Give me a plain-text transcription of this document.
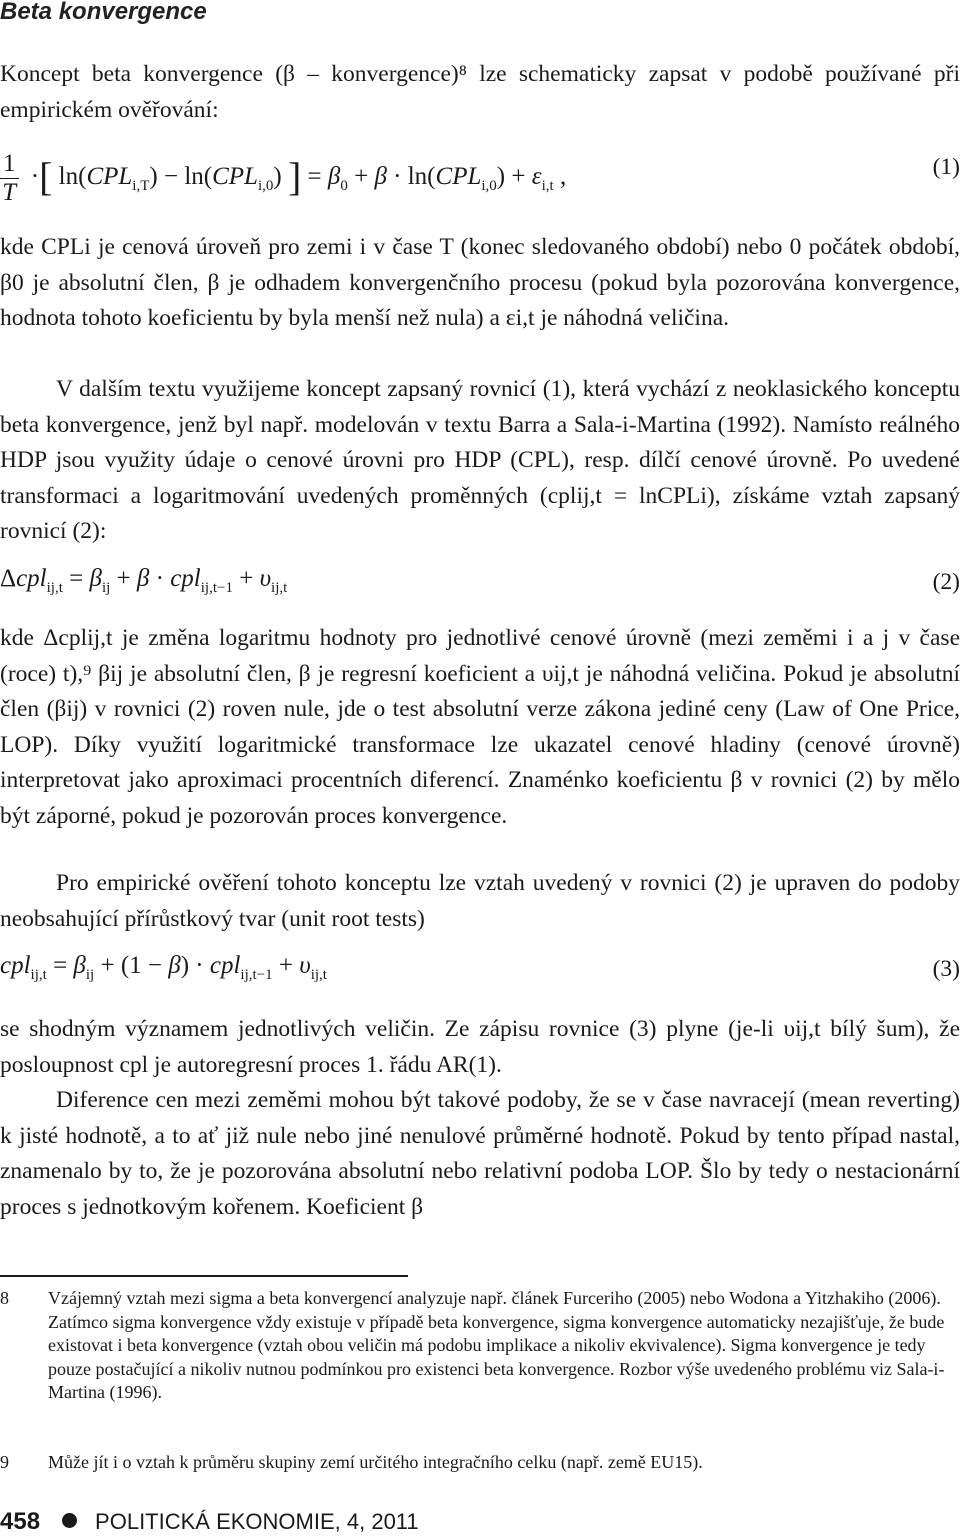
Beta konvergence

Koncept beta konvergence (β – konvergence)⁸ lze schematicky zapsat v podobě používané při empirickém ověřování:

$\frac{1}{T}$ ·[ $\ln(CPL_{i,T}) - \ln(CPL_{i,0})$ ] = $\beta_0 + \beta \cdot \ln(CPL_{i,0}) + \varepsilon_{i,t}$ ,	(1)

kde CPLi je cenová úroveň pro zemi i v čase T (konec sledovaného období) nebo 0 počátek období, β0 je absolutní člen, β je odhadem konvergenčního procesu (pokud byla pozorována konvergence, hodnota tohoto koeficientu by byla menší než nula) a εi,t je náhodná veličina.

V dalším textu využijeme koncept zapsaný rovnicí (1), která vychází z neoklasického konceptu beta konvergence, jenž byl např. modelován v textu Barra a Sala-i-Martina (1992). Namísto reálného HDP jsou využity údaje o cenové úrovni pro HDP (CPL), resp. dílčí cenové úrovně. Po uvedené transformaci a logaritmování uvedených proměnných (cplij,t = lnCPLi), získáme vztah zapsaný rovnicí (2):

$\Delta cpl_{ij,t} = \beta_{ij} + \beta \cdot cpl_{ij,t-1} + \upsilon_{ij,t}$	(2)

kde Δcplij,t je změna logaritmu hodnoty pro jednotlivé cenové úrovně (mezi zeměmi i a j v čase (roce) t),⁹ βij je absolutní člen, β je regresní koeficient a υij,t je náhodná veličina. Pokud je absolutní člen (βij) v rovnici (2) roven nule, jde o test absolutní verze zákona jediné ceny (Law of One Price, LOP). Díky využití logaritmické transformace lze ukazatel cenové hladiny (cenové úrovně) interpretovat jako aproximaci procentních diferencí. Znaménko koeficientu β v rovnici (2) by mělo být záporné, pokud je pozorován proces konvergence.

Pro empirické ověření tohoto konceptu lze vztah uvedený v rovnici (2) je upraven do podoby neobsahující přírůstkový tvar (unit root tests)

$cpl_{ij,t} = \beta_{ij} + (1 - \beta) \cdot cpl_{ij,t-1} + \upsilon_{ij,t}$	(3)

se shodným významem jednotlivých veličin. Ze zápisu rovnice (3) plyne (je-li υij,t bílý šum), že posloupnost cpl je autoregresní proces 1. řádu AR(1).

Diference cen mezi zeměmi mohou být takové podoby, že se v čase navracejí (mean reverting) k jisté hodnotě, a to ať již nule nebo jiné nenulové průměrné hodnotě. Pokud by tento případ nastal, znamenalo by to, že je pozorována absolutní nebo relativní podoba LOP. Šlo by tedy o nestacionární proces s jednotkovým kořenem. Koeficient β

8 Vzájemný vztah mezi sigma a beta konvergencí analyzuje např. článek Furceriho (2005) nebo Wodona a Yitzhakiho (2006). Zatímco sigma konvergence vždy existuje v případě beta konvergence, sigma konvergence automaticky nezajišťuje, že bude existovat i beta konvergence (vztah obou veličin má podobu implikace a nikoliv ekvivalence). Sigma konvergence je tedy pouze postačující a nikoliv nutnou podmínkou pro existenci beta konvergence. Rozbor výše uvedeného problému viz Sala-i-Martina (1996).
9 Může jít i o vztah k průměru skupiny zemí určitého integračního celku (např. země EU15).
458	POLITICKÁ EKONOMIE, 4, 2011
